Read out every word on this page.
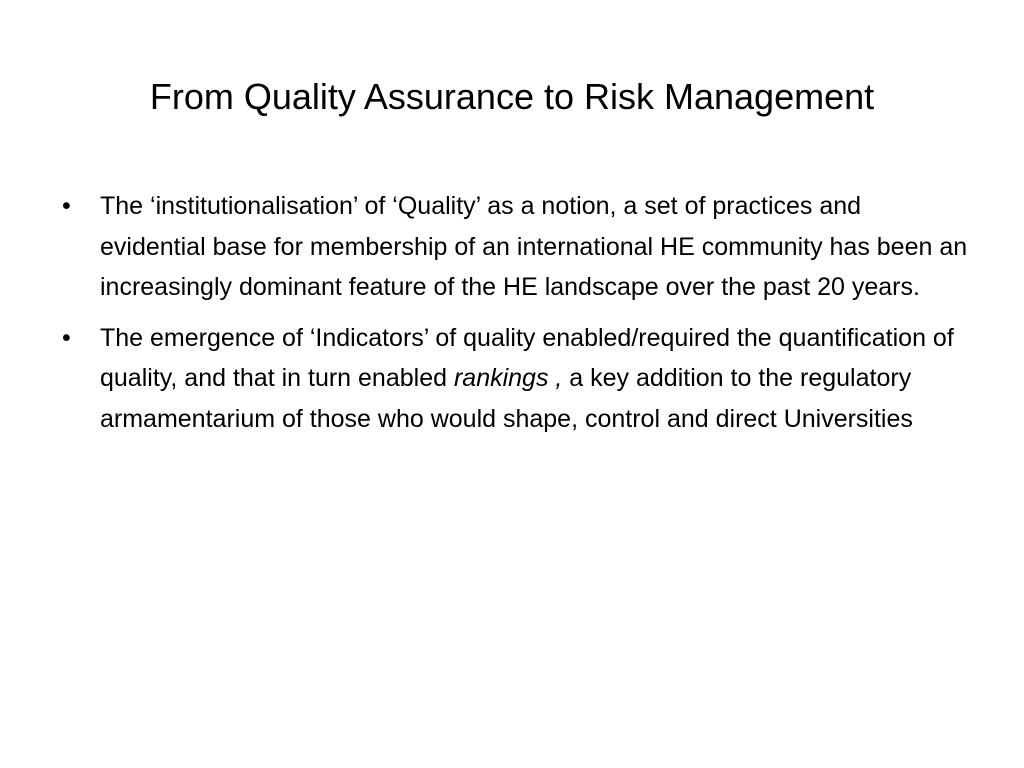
From Quality Assurance to Risk Management
• The ‘institutionalisation’ of ‘Quality’ as a notion, a set of practices and evidential base for membership of an international HE community has been an increasingly dominant feature of the HE landscape over the past 20 years.
• The emergence of ‘Indicators’ of quality enabled/required the quantification of quality, and that in turn enabled rankings , a key addition to the regulatory armamentarium of those who would shape, control and direct Universities
